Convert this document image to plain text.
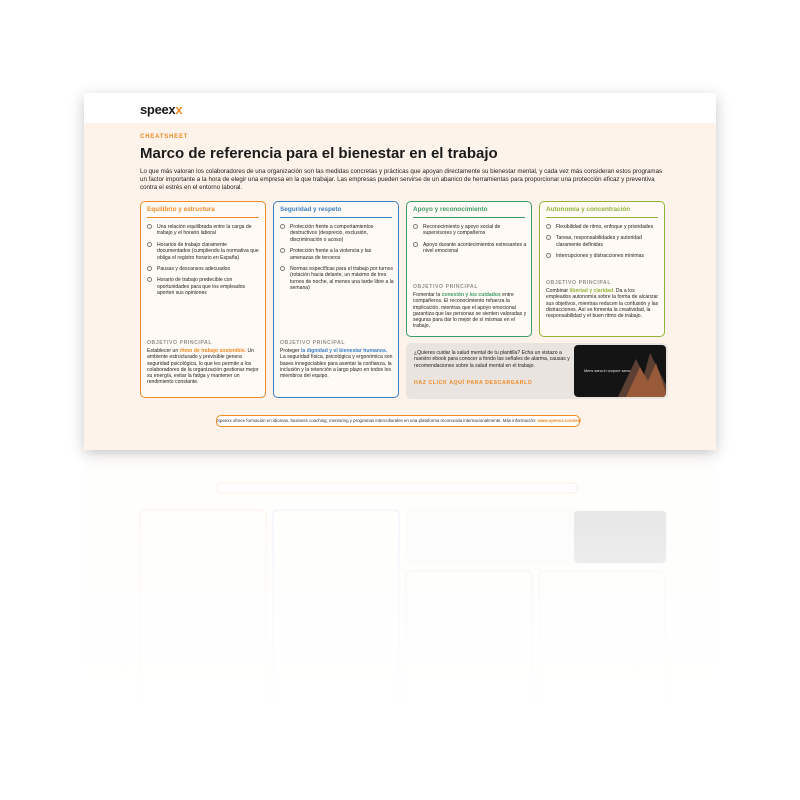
speexx
CHEATSHEET
Marco de referencia para el bienestar en el trabajo

Lo que más valoran los colaboradores de una organización son las medidas concretas y prácticas que apoyan directamente su bienestar mental, y cada vez más consideran estos programas un factor importante a la hora de elegir una empresa en la que trabajar. Las empresas pueden servirse de un abanico de herramientas para proporcionar una protección eficaz y preventiva contra el estrés en el entorno laboral.

Equilibrio y estructura
Una relación equilibrada entre la carga de trabajo y el horario laboral
Horarios de trabajo claramente documentados (cumpliendo la normativa que obliga el registro horario en España)
Pausas y descansos adecuados
Horario de trabajo predecible con oportunidades para que los empleados aporten sus opiniones
OBJETIVO PRINCIPAL
Establecer un ritmo de trabajo sostenible. Un ambiente estructurado y previsible genera seguridad psicológica, lo que les permite a los colaboradores de la organización gestionar mejor su energía, evitar la fatiga y mantener un rendimiento constante.
Seguridad y respeto
Protección frente a comportamientos destructivos (desprecio, exclusión, discriminación o acoso)
Protección frente a la violencia y las amenazas de terceros
Normas específicas para el trabajo por turnos (rotación hacia delante, un máximo de tres turnos de noche, al menos una tarde libre a la semana)
OBJETIVO PRINCIPAL
Proteger la dignidad y el bienestar humanos. La seguridad física, psicológica y ergonómica son bases innegociables para asentar la confianza, la inclusión y la retención a largo plazo en todos los miembros del equipo.
Apoyo y reconocimiento
Reconocimiento y apoyo social de supervisores y compañeros
Apoyo durante acontecimientos estresantes a nivel emocional
OBJETIVO PRINCIPAL
Fomentar la conexión y los cuidados entre compañeros. El reconocimiento refuerza la implicación, mientras que el apoyo emocional garantiza que las personas se sienten valoradas y seguras para dar lo mejor de sí mismas en el trabajo.
Autonomía y concentración
Flexibilidad de ritmo, enfoque y prioridades
Tareas, responsabilidades y autoridad claramente definidas
Interrupciones y distracciones mínimas
OBJETIVO PRINCIPAL
Combinar libertad y claridad. Da a los empleados autonomía sobre la forma de alcanzar sus objetivos, mientras reducen la confusión y las distracciones. Así se fomenta la creatividad, la responsabilidad y el buen ritmo de trabajo.
¿Quieres cuidar la salud mental de tu plantilla? Echa un vistazo a nuestro ebook para conocer a fondo las señales de alarma, causas y recomendaciones sobre la salud mental en el trabajo.
HAZ CLICK AQUÍ PARA DESCARGARLO
Mens sana in corpore sano:
Speexx ofrece formación en idiomas, business coaching, mentoring y programas interculturales en una plataforma reconocida internacionalmente. Más información: www.speexx.com/es/
